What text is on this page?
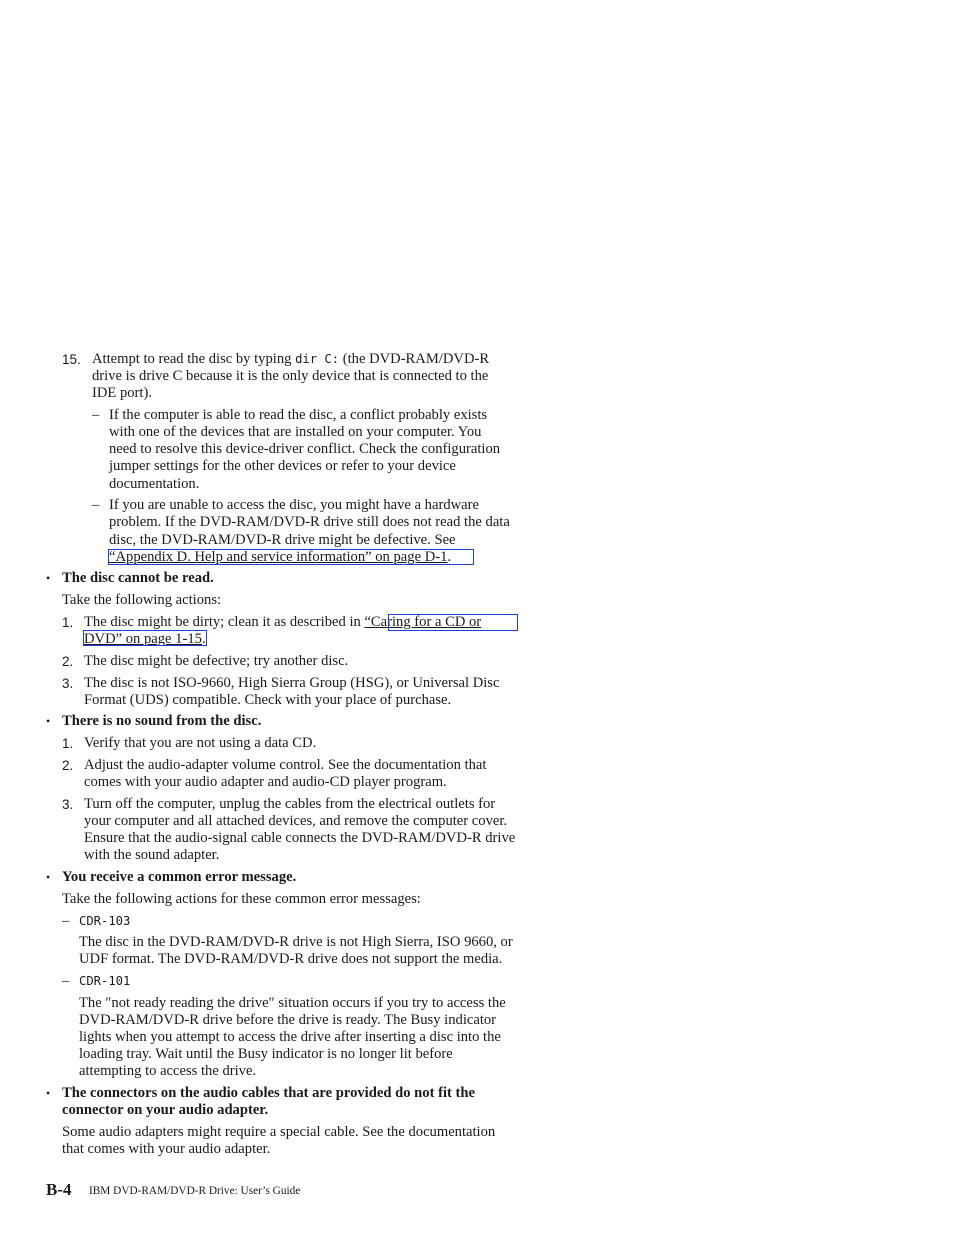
15. Attempt to read the disc by typing dir C: (the DVD-RAM/DVD-R

drive is drive C because it is the only device that is connected to the

IDE port).

– If the computer is able to read the disc, a conflict probably exists

with one of the devices that are installed on your computer. You

need to resolve this device-driver conflict. Check the configuration

jumper settings for the other devices or refer to your device

documentation.

– If you are unable to access the disc, you might have a hardware

problem. If the DVD-RAM/DVD-R drive still does not read the data

disc, the DVD-RAM/DVD-R drive might be defective. See

“Appendix D. Help and service information” on page D-1.

• The disc cannot be read.

Take the following actions:

1. The disc might be dirty; clean it as described in “Caring for a CD or

DVD” on page 1-15.

2. The disc might be defective; try another disc.

3. The disc is not ISO-9660, High Sierra Group (HSG), or Universal Disc

Format (UDS) compatible. Check with your place of purchase.

• There is no sound from the disc.

1. Verify that you are not using a data CD.

2. Adjust the audio-adapter volume control. See the documentation that

comes with your audio adapter and audio-CD player program.

3. Turn off the computer, unplug the cables from the electrical outlets for

your computer and all attached devices, and remove the computer cover.

Ensure that the audio-signal cable connects the DVD-RAM/DVD-R drive

with the sound adapter.

• You receive a common error message.

Take the following actions for these common error messages:

– CDR-103

The disc in the DVD-RAM/DVD-R drive is not High Sierra, ISO 9660, or

UDF format. The DVD-RAM/DVD-R drive does not support the media.

– CDR-101

The ″not ready reading the drive″ situation occurs if you try to access the

DVD-RAM/DVD-R drive before the drive is ready. The Busy indicator

lights when you attempt to access the drive after inserting a disc into the

loading tray. Wait until the Busy indicator is no longer lit before

attempting to access the drive.

• The connectors on the audio cables that are provided do not fit the

connector on your audio adapter.

Some audio adapters might require a special cable. See the documentation

that comes with your audio adapter.

B-4 IBM DVD-RAM/DVD-R Drive: User’s Guide
